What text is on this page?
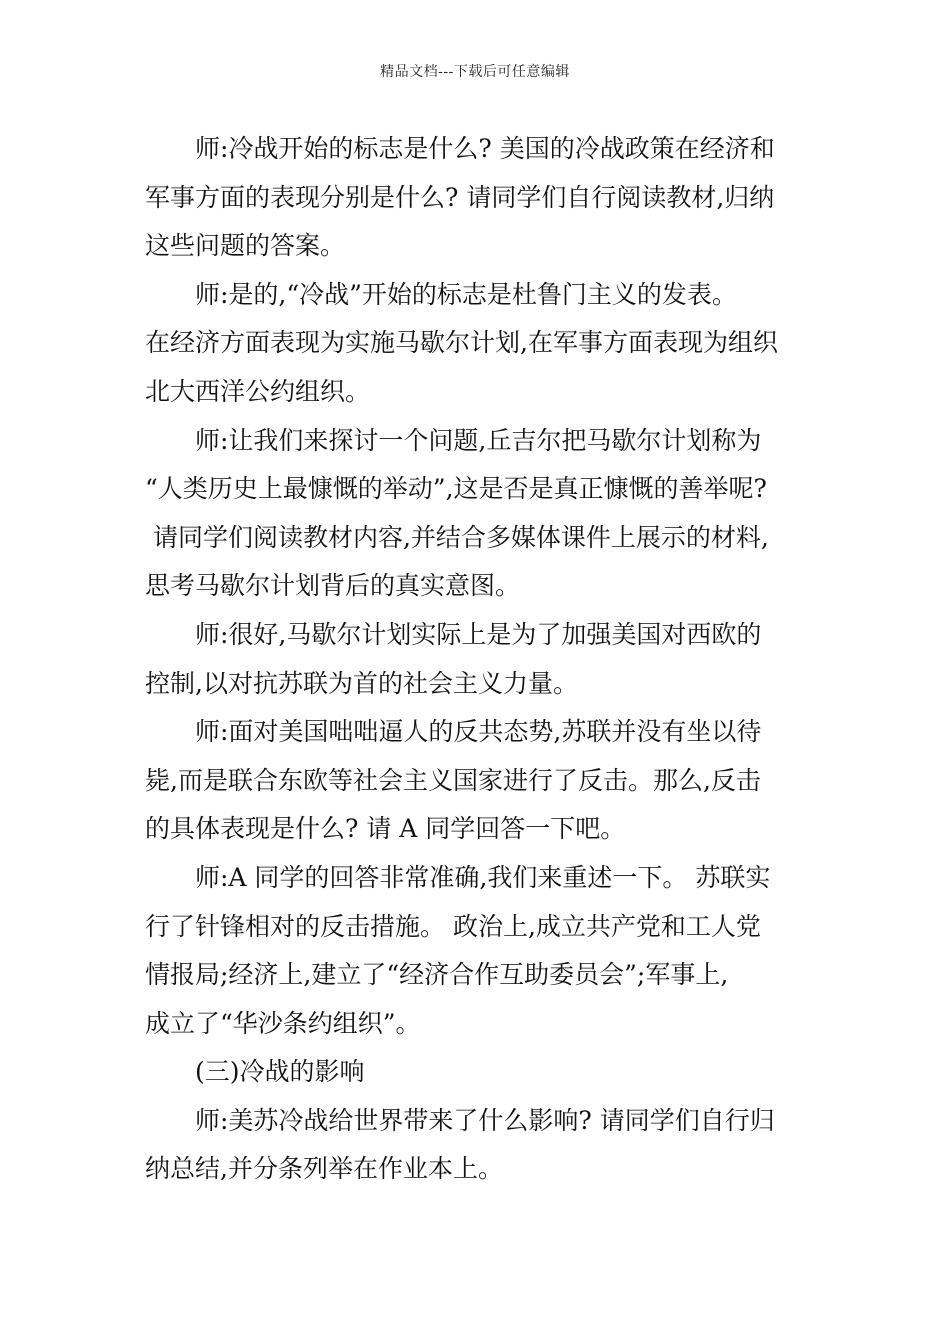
精品文档---下载后可任意编辑
师:冷战开始的标志是什么? 美国的冷战政策在经济和
军事方面的表现分别是什么? 请同学们自行阅读教材,归纳
这些问题的答案。
师:是的,“冷战”开始的标志是杜鲁门主义的发表。
在经济方面表现为实施马歇尔计划,在军事方面表现为组织
北大西洋公约组织。
师:让我们来探讨一个问题,丘吉尔把马歇尔计划称为
“人类历史上最慷慨的举动”,这是否是真正慷慨的善举呢?
请同学们阅读教材内容,并结合多媒体课件上展示的材料,
思考马歇尔计划背后的真实意图。
师:很好,马歇尔计划实际上是为了加强美国对西欧的
控制,以对抗苏联为首的社会主义力量。
师:面对美国咄咄逼人的反共态势,苏联并没有坐以待
毙,而是联合东欧等社会主义国家进行了反击。那么,反击
的具体表现是什么? 请 A 同学回答一下吧。
师:A 同学的回答非常准确,我们来重述一下。 苏联实
行了针锋相对的反击措施。 政治上,成立共产党和工人党
情报局;经济上,建立了“经济合作互助委员会”;军事上,
成立了“华沙条约组织”。
(三)冷战的影响
师:美苏冷战给世界带来了什么影响? 请同学们自行归
纳总结,并分条列举在作业本上。
